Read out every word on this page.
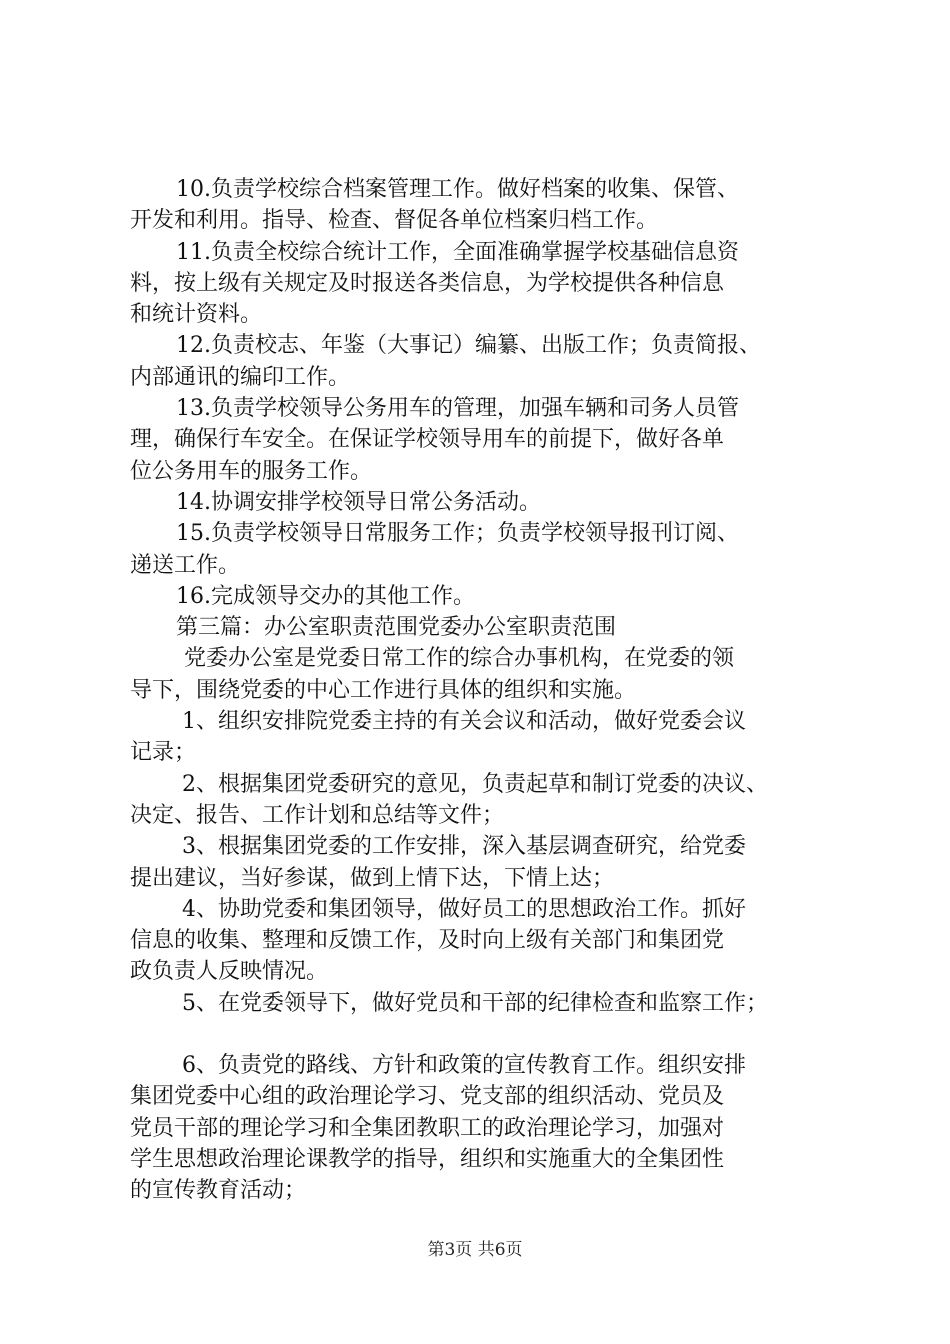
10.负责学校综合档案管理工作。做好档案的收集、保管、
开发和利用。指导、检查、督促各单位档案归档工作。
11.负责全校综合统计工作，全面准确掌握学校基础信息资
料，按上级有关规定及时报送各类信息，为学校提供各种信息
和统计资料。
12.负责校志、年鉴（大事记）编纂、出版工作；负责简报、
内部通讯的编印工作。
13.负责学校领导公务用车的管理，加强车辆和司务人员管
理，确保行车安全。在保证学校领导用车的前提下，做好各单
位公务用车的服务工作。
14.协调安排学校领导日常公务活动。
15.负责学校领导日常服务工作；负责学校领导报刊订阅、
递送工作。
16.完成领导交办的其他工作。
第三篇：办公室职责范围党委办公室职责范围
党委办公室是党委日常工作的综合办事机构，在党委的领
导下，围绕党委的中心工作进行具体的组织和实施。
1、组织安排院党委主持的有关会议和活动，做好党委会议
记录；
2、根据集团党委研究的意见，负责起草和制订党委的决议、
决定、报告、工作计划和总结等文件；
3、根据集团党委的工作安排，深入基层调查研究，给党委
提出建议，当好参谋，做到上情下达，下情上达；
4、协助党委和集团领导，做好员工的思想政治工作。抓好
信息的收集、整理和反馈工作，及时向上级有关部门和集团党
政负责人反映情况。
5、在党委领导下，做好党员和干部的纪律检查和监察工作；
6、负责党的路线、方针和政策的宣传教育工作。组织安排
集团党委中心组的政治理论学习、党支部的组织活动、党员及
党员干部的理论学习和全集团教职工的政治理论学习，加强对
学生思想政治理论课教学的指导，组织和实施重大的全集团性
的宣传教育活动；
第3页 共6页
